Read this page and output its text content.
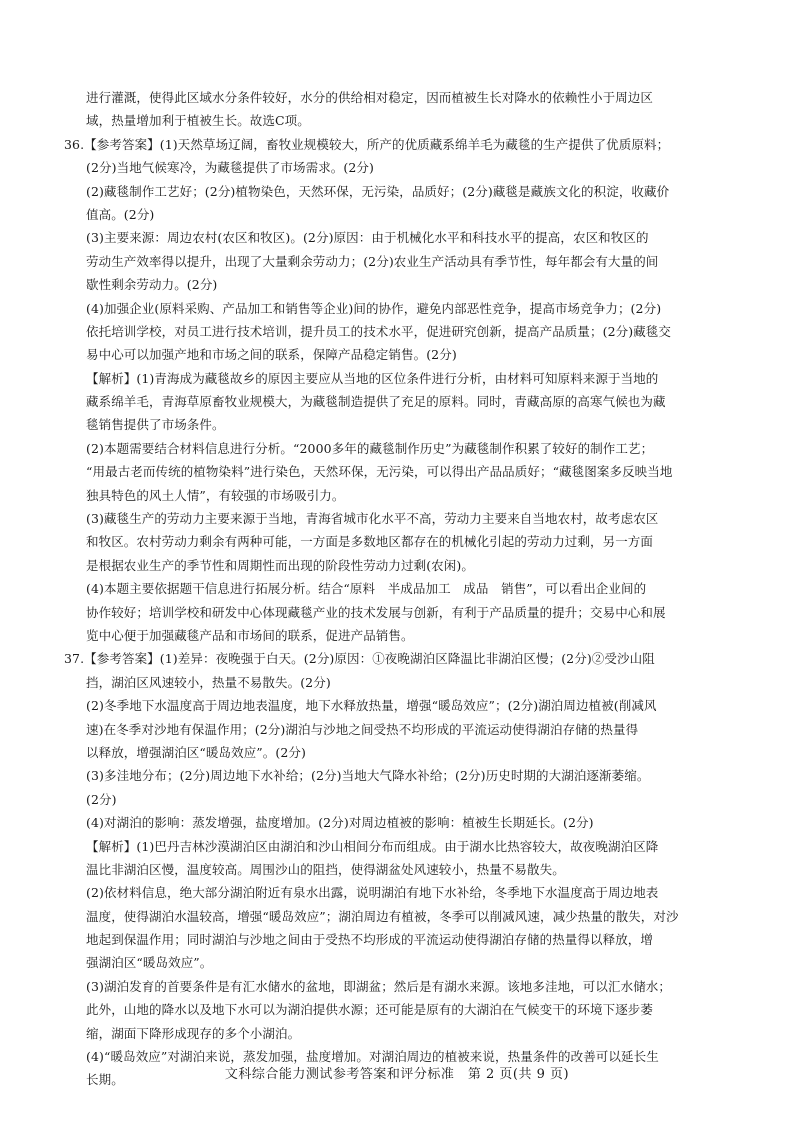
进行灌溉，使得此区域水分条件较好，水分的供给相对稳定，因而植被生长对降水的依赖性小于周边区
域，热量增加利于植被生长。故选C项。
36.【参考答案】(1)天然草场辽阔，畜牧业规模较大，所产的优质藏系绵羊毛为藏毯的生产提供了优质原料；
(2分)当地气候寒冷，为藏毯提供了市场需求。(2分)
(2)藏毯制作工艺好；(2分)植物染色，天然环保，无污染，品质好；(2分)藏毯是藏族文化的积淀，收藏价
值高。(2分)
(3)主要来源：周边农村(农区和牧区)。(2分)原因：由于机械化水平和科技水平的提高，农区和牧区的
劳动生产效率得以提升，出现了大量剩余劳动力；(2分)农业生产活动具有季节性，每年都会有大量的间
歇性剩余劳动力。(2分)
(4)加强企业(原料采购、产品加工和销售等企业)间的协作，避免内部恶性竞争，提高市场竞争力；(2分)
依托培训学校，对员工进行技术培训，提升员工的技术水平，促进研究创新，提高产品质量；(2分)藏毯交
易中心可以加强产地和市场之间的联系，保障产品稳定销售。(2分)
【解析】(1)青海成为藏毯故乡的原因主要应从当地的区位条件进行分析，由材料可知原料来源于当地的
藏系绵羊毛，青海草原畜牧业规模大，为藏毯制造提供了充足的原料。同时，青藏高原的高寒气候也为藏
毯销售提供了市场条件。
(2)本题需要结合材料信息进行分析。“2000多年的藏毯制作历史”为藏毯制作积累了较好的制作工艺；
“用最古老而传统的植物染料”进行染色，天然环保，无污染，可以得出产品品质好；“藏毯图案多反映当地
独具特色的风土人情”，有较强的市场吸引力。
(3)藏毯生产的劳动力主要来源于当地，青海省城市化水平不高，劳动力主要来自当地农村，故考虑农区
和牧区。农村劳动力剩余有两种可能，一方面是多数地区都存在的机械化引起的劳动力过剩，另一方面
是根据农业生产的季节性和周期性而出现的阶段性劳动力过剩(农闲)。
(4)本题主要依据题干信息进行拓展分析。结合“原料　半成品加工　成品　销售”，可以看出企业间的
协作较好；培训学校和研发中心体现藏毯产业的技术发展与创新，有利于产品质量的提升；交易中心和展
览中心便于加强藏毯产品和市场间的联系，促进产品销售。
37.【参考答案】(1)差异：夜晚强于白天。(2分)原因：①夜晚湖泊区降温比非湖泊区慢；(2分)②受沙山阻
挡，湖泊区风速较小，热量不易散失。(2分)
(2)冬季地下水温度高于周边地表温度，地下水释放热量，增强“暖岛效应”；(2分)湖泊周边植被(削减风
速)在冬季对沙地有保温作用；(2分)湖泊与沙地之间受热不均形成的平流运动使得湖泊存储的热量得
以释放，增强湖泊区“暖岛效应”。(2分)
(3)多洼地分布；(2分)周边地下水补给；(2分)当地大气降水补给；(2分)历史时期的大湖泊逐渐萎缩。
(2分)
(4)对湖泊的影响：蒸发增强，盐度增加。(2分)对周边植被的影响：植被生长期延长。(2分)
【解析】(1)巴丹吉林沙漠湖泊区由湖泊和沙山相间分布而组成。由于湖水比热容较大，故夜晚湖泊区降
温比非湖泊区慢，温度较高。周围沙山的阻挡，使得湖盆处风速较小，热量不易散失。
(2)依材料信息，绝大部分湖泊附近有泉水出露，说明湖泊有地下水补给，冬季地下水温度高于周边地表
温度，使得湖泊水温较高，增强“暖岛效应”；湖泊周边有植被，冬季可以削减风速，减少热量的散失，对沙
地起到保温作用；同时湖泊与沙地之间由于受热不均形成的平流运动使得湖泊存储的热量得以释放，增
强湖泊区“暖岛效应”。
(3)湖泊发育的首要条件是有汇水储水的盆地，即湖盆；然后是有湖水来源。该地多洼地，可以汇水储水；
此外，山地的降水以及地下水可以为湖泊提供水源；还可能是原有的大湖泊在气候变干的环境下逐步萎
缩，湖面下降形成现存的多个小湖泊。
(4)“暖岛效应”对湖泊来说，蒸发加强，盐度增加。对湖泊周边的植被来说，热量条件的改善可以延长生
长期。	文科综合能力测试参考答案和评分标准　第 2 页(共 9 页)
